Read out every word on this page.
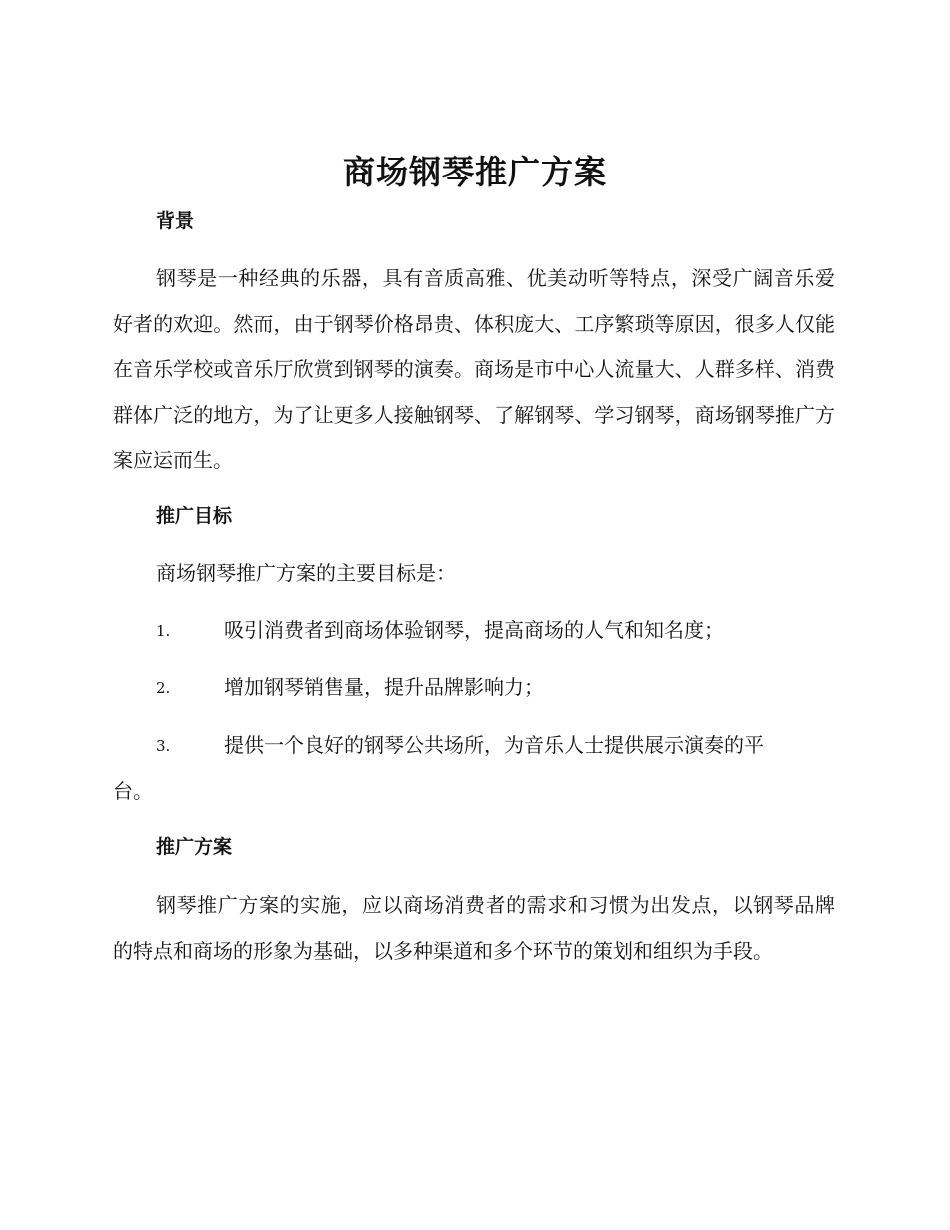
商场钢琴推广方案
背景
钢琴是一种经典的乐器，具有音质高雅、优美动听等特点，深受广阔音乐爱好者的欢迎。然而，由于钢琴价格昂贵、体积庞大、工序繁琐等原因，很多人仅能在音乐学校或音乐厅欣赏到钢琴的演奏。商场是市中心人流量大、人群多样、消费群体广泛的地方，为了让更多人接触钢琴、了解钢琴、学习钢琴，商场钢琴推广方案应运而生。
推广目标
商场钢琴推广方案的主要目标是：
1.	吸引消费者到商场体验钢琴，提高商场的人气和知名度；
2.	增加钢琴销售量，提升品牌影响力；
3.	提供一个良好的钢琴公共场所，为音乐人士提供展示演奏的平
台。
推广方案
钢琴推广方案的实施，应以商场消费者的需求和习惯为出发点，以钢琴品牌的特点和商场的形象为基础，以多种渠道和多个环节的策划和组织为手段。
